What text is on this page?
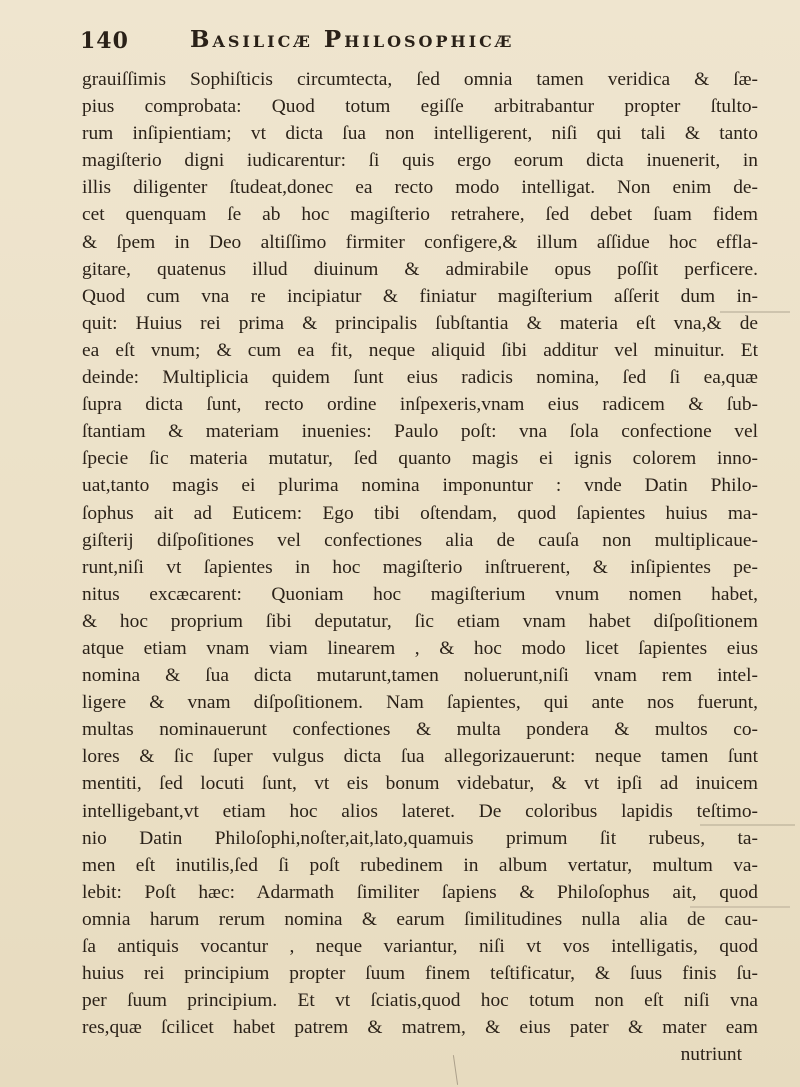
140	Basilicæ Philosophicæ
grauiſſimis Sophiſticis circumtecta, ſed omnia tamen veridica & ſæ-
pius comprobata: Quod totum egiſſe arbitrabantur propter ſtulto-
rum inſipientiam; vt dicta ſua non intelligerent, niſi qui tali & tanto
magiſterio digni iudicarentur: ſi quis ergo eorum dicta inuenerit, in
illis diligenter ſtudeat,donec ea recto modo intelligat. Non enim de-
cet quenquam ſe ab hoc magiſterio retrahere, ſed debet ſuam fidem
& ſpem in Deo altiſſimo firmiter configere,& illum aſſidue hoc effla-
gitare, quatenus illud diuinum & admirabile opus poſſit perficere.
Quod cum vna re incipiatur & finiatur magiſterium aſſerit dum in-
quit: Huius rei prima & principalis ſubſtantia & materia eſt vna,& de
ea eſt vnum; & cum ea fit, neque aliquid ſibi additur vel minuitur. Et
deinde: Multiplicia quidem ſunt eius radicis nomina, ſed ſi ea,quæ
ſupra dicta ſunt, recto ordine inſpexeris,vnam eius radicem & ſub-
ſtantiam & materiam inuenies: Paulo poſt: vna ſola confectione vel
ſpecie ſic materia mutatur, ſed quanto magis ei ignis colorem inno-
uat,tanto magis ei plurima nomina imponuntur : vnde Datin Philo-
ſophus ait ad Euticem: Ego tibi oſtendam, quod ſapientes huius ma-
giſterij diſpoſitiones vel confectiones alia de cauſa non multiplicaue-
runt,niſi vt ſapientes in hoc magiſterio inſtruerent, & inſipientes pe-
nitus excæcarent: Quoniam hoc magiſterium vnum nomen habet,
& hoc proprium ſibi deputatur, ſic etiam vnam habet diſpoſitionem
atque etiam vnam viam linearem , & hoc modo licet ſapientes eius
nomina & ſua dicta mutarunt,tamen noluerunt,niſi vnam rem intel-
ligere & vnam diſpoſitionem. Nam ſapientes, qui ante nos fuerunt,
multas nominauerunt confectiones & multa pondera & multos co-
lores & ſic ſuper vulgus dicta ſua allegorizauerunt: neque tamen ſunt
mentiti, ſed locuti ſunt, vt eis bonum videbatur, & vt ipſi ad inuicem
intelligebant,vt etiam hoc alios lateret. De coloribus lapidis teſtimo-
nio Datin Philoſophi,noſter,ait,lato,quamuis primum ſit rubeus, ta-
men eſt inutilis,ſed ſi poſt rubedinem in album vertatur, multum va-
lebit: Poſt hæc: Adarmath ſimiliter ſapiens & Philoſophus ait, quod
omnia harum rerum nomina & earum ſimilitudines nulla alia de cau-
ſa antiquis vocantur , neque variantur, niſi vt vos intelligatis, quod
huius rei principium propter ſuum finem teſtificatur, & ſuus finis ſu-
per ſuum principium. Et vt ſciatis,quod hoc totum non eſt niſi vna
res,quæ ſcilicet habet patrem & matrem, & eius pater & mater eam
nutriunt
